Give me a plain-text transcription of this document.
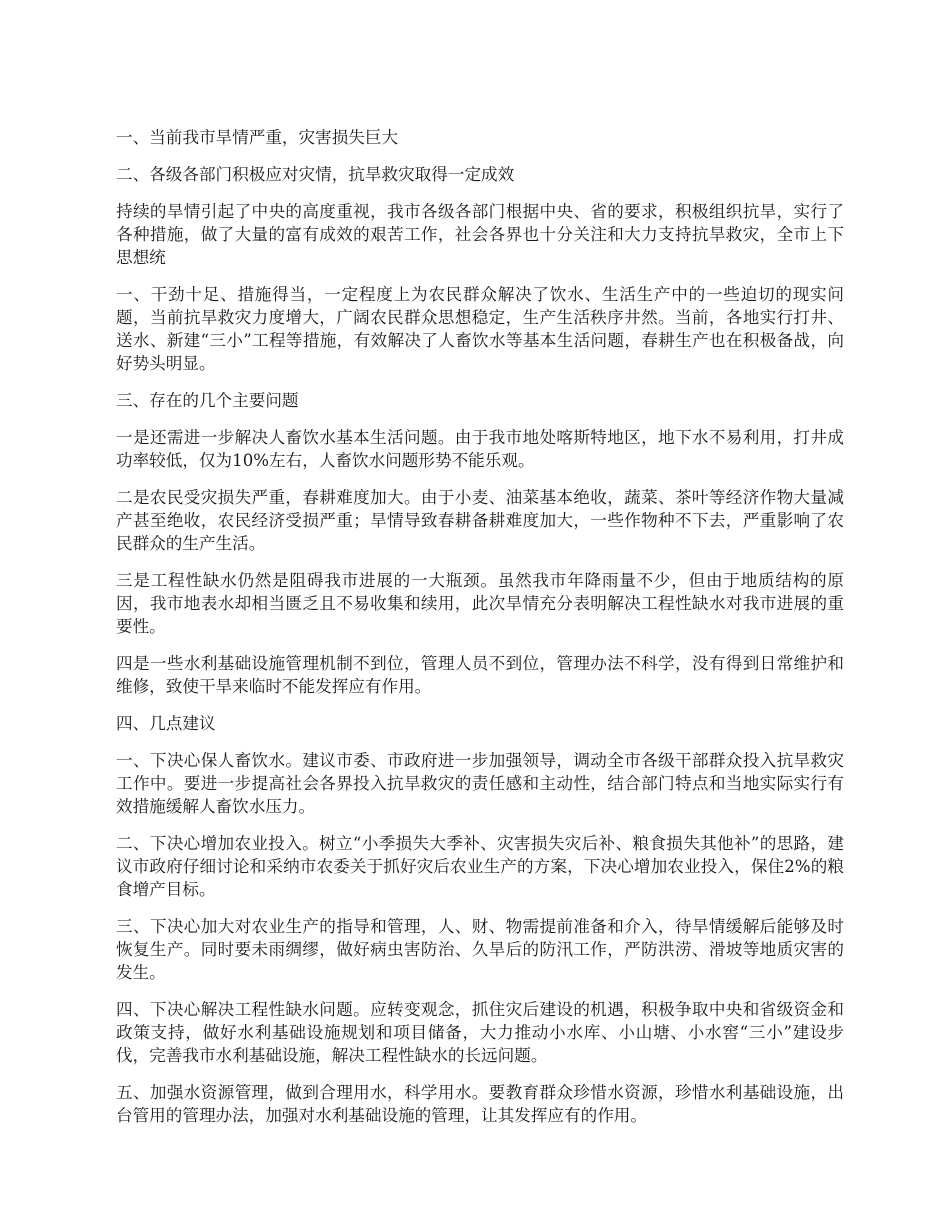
一、当前我市旱情严重，灾害损失巨大

二、各级各部门积极应对灾情，抗旱救灾取得一定成效

持续的旱情引起了中央的高度重视，我市各级各部门根据中央、省的要求，积极组织抗旱，实行了各种措施，做了大量的富有成效的艰苦工作，社会各界也十分关注和大力支持抗旱救灾，全市上下思想统

一、干劲十足、措施得当，一定程度上为农民群众解决了饮水、生活生产中的一些迫切的现实问题，当前抗旱救灾力度增大，广阔农民群众思想稳定，生产生活秩序井然。当前，各地实行打井、送水、新建“三小”工程等措施，有效解决了人畜饮水等基本生活问题，春耕生产也在积极备战，向好势头明显。

三、存在的几个主要问题

一是还需进一步解决人畜饮水基本生活问题。由于我市地处喀斯特地区，地下水不易利用，打井成功率较低，仅为10%左右，人畜饮水问题形势不能乐观。

二是农民受灾损失严重，春耕难度加大。由于小麦、油菜基本绝收，蔬菜、茶叶等经济作物大量减产甚至绝收，农民经济受损严重；旱情导致春耕备耕难度加大，一些作物种不下去，严重影响了农民群众的生产生活。

三是工程性缺水仍然是阻碍我市进展的一大瓶颈。虽然我市年降雨量不少，但由于地质结构的原因，我市地表水却相当匮乏且不易收集和续用，此次旱情充分表明解决工程性缺水对我市进展的重要性。

四是一些水利基础设施管理机制不到位，管理人员不到位，管理办法不科学，没有得到日常维护和维修，致使干旱来临时不能发挥应有作用。

四、几点建议

一、下决心保人畜饮水。建议市委、市政府进一步加强领导，调动全市各级干部群众投入抗旱救灾工作中。要进一步提高社会各界投入抗旱救灾的责任感和主动性，结合部门特点和当地实际实行有效措施缓解人畜饮水压力。

二、下决心增加农业投入。树立“小季损失大季补、灾害损失灾后补、粮食损失其他补”的思路，建议市政府仔细讨论和采纳市农委关于抓好灾后农业生产的方案，下决心增加农业投入，保住2%的粮食增产目标。

三、下决心加大对农业生产的指导和管理，人、财、物需提前准备和介入，待旱情缓解后能够及时恢复生产。同时要未雨绸缪，做好病虫害防治、久旱后的防汛工作，严防洪涝、滑坡等地质灾害的发生。

四、下决心解决工程性缺水问题。应转变观念，抓住灾后建设的机遇，积极争取中央和省级资金和政策支持，做好水利基础设施规划和项目储备，大力推动小水库、小山塘、小水窖“三小”建设步伐，完善我市水利基础设施，解决工程性缺水的长远问题。

五、加强水资源管理，做到合理用水，科学用水。要教育群众珍惜水资源，珍惜水利基础设施，出台管用的管理办法，加强对水利基础设施的管理，让其发挥应有的作用。
